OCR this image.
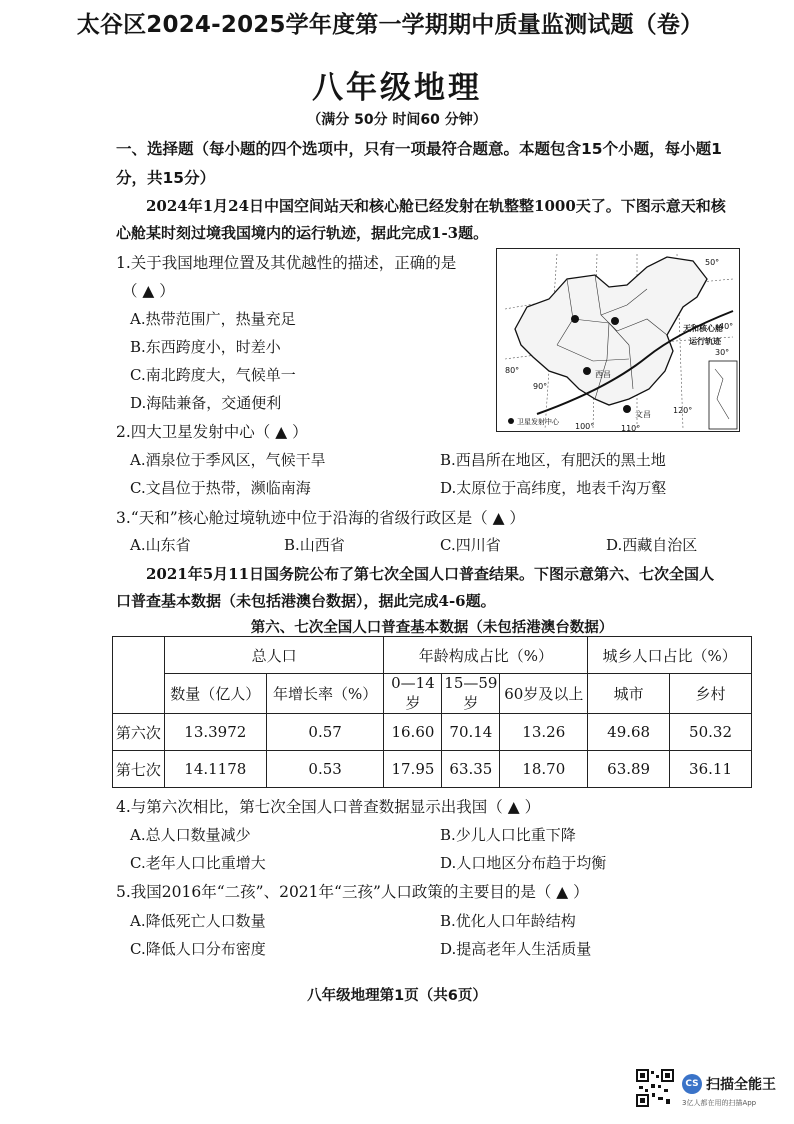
太谷区2024-2025学年度第一学期期中质量监测试题（卷）
八年级地理
（满分 50分 时间60 分钟）
一、选择题（每小题的四个选项中，只有一项最符合题意。本题包含15个小题，每小题1
分，共15分）
2024年1月24日中国空间站天和核心舱已经发射在轨整整1000天了。下图示意天和核
心舱某时刻过境我国境内的运行轨迹，据此完成1-3题。
1.关于我国地理位置及其优越性的描述，正确的是
（ ▲ ）
A.热带范围广，热量充足
B.东西跨度小，时差小
C.南北跨度大，气候单一
D.海陆兼备，交通便利
卫星发射中心
50°
40°
30°
80°
90°
100°	110°
120°
天和核心舱
运行轨迹
文昌
西昌
2.四大卫星发射中心（ ▲ ）
A.酒泉位于季风区，气候干旱	B.西昌所在地区，有肥沃的黑土地
C.文昌位于热带，濒临南海	D.太原位于高纬度，地表千沟万壑
3.“天和”核心舱过境轨迹中位于沿海的省级行政区是（ ▲ ）
A.山东省	B.山西省	C.四川省	D.西藏自治区
2021年5月11日国务院公布了第七次全国人口普查结果。下图示意第六、七次全国人
口普查基本数据（未包括港澳台数据），据此完成4-6题。
第六、七次全国人口普查基本数据（未包括港澳台数据）
	总人口		年龄构成占比（%）			城乡人口占比（%）	
	数量（亿人）	年增长率（%）	0—14岁	15—59岁	60岁及以上	城市	乡村
第六次	13.3972	0.57	16.60	70.14	13.26	49.68	50.32
第七次	14.1178	0.53	17.95	63.35	18.70	63.89	36.11
4.与第六次相比，第七次全国人口普查数据显示出我国（ ▲ ）
A.总人口数量减少	B.少儿人口比重下降
C.老年人口比重增大	D.人口地区分布趋于均衡
5.我国2016年“二孩”、2021年“三孩”人口政策的主要目的是（ ▲ ）
A.降低死亡人口数量	B.优化人口年龄结构
C.降低人口分布密度	D.提高老年人生活质量
八年级地理第1页（共6页）
CS 扫描全能王
3亿人都在用的扫描App
